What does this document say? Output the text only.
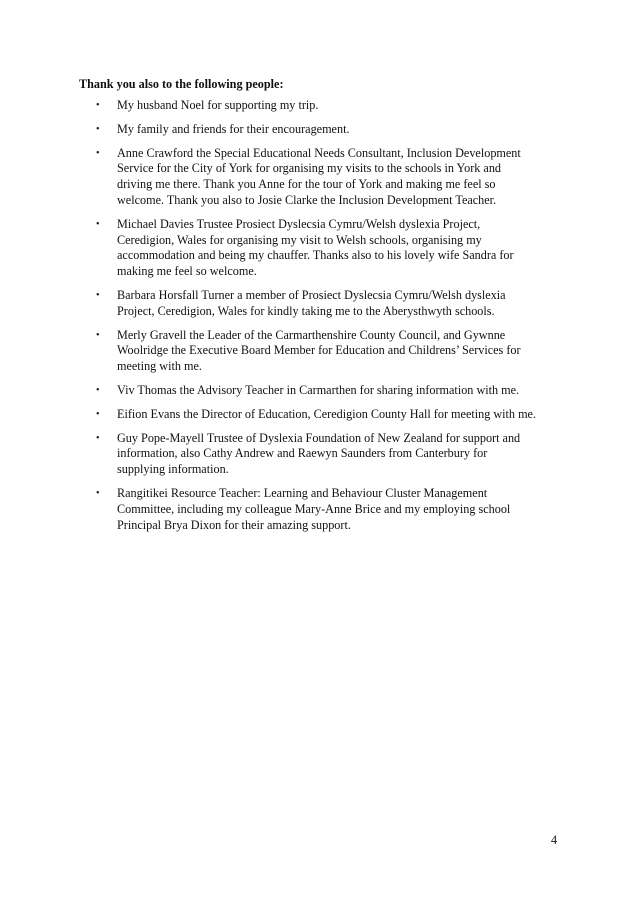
Thank you also to the following people:
• My husband Noel for supporting my trip.
• My family and friends for their encouragement.
• Anne Crawford the Special Educational Needs Consultant, Inclusion Development Service for the City of York for organising my visits to the schools in York and driving me there. Thank you Anne for the tour of York and making me feel so welcome. Thank you also to Josie Clarke the Inclusion Development Teacher.
• Michael Davies Trustee Prosiect Dyslecsia Cymru/Welsh dyslexia Project, Ceredigion, Wales for organising my visit to Welsh schools, organising my accommodation and being my chauffer. Thanks also to his lovely wife Sandra for making me feel so welcome.
• Barbara Horsfall Turner a member of Prosiect Dyslecsia Cymru/Welsh dyslexia Project, Ceredigion, Wales for kindly taking me to the Aberysthwyth schools.
• Merly Gravell the Leader of the Carmarthenshire County Council, and Gywnne Woolridge the Executive Board Member for Education and Childrens’ Services for meeting with me.
• Viv Thomas the Advisory Teacher in Carmarthen for sharing information with me.
• Eifion Evans the Director of Education, Ceredigion County Hall for meeting with me.
• Guy Pope-Mayell Trustee of Dyslexia Foundation of New Zealand for support and information, also Cathy Andrew and Raewyn Saunders from Canterbury for supplying information.
• Rangitikei Resource Teacher: Learning and Behaviour Cluster Management Committee, including my colleague Mary-Anne Brice and my employing school Principal Brya Dixon for their amazing support.
4
